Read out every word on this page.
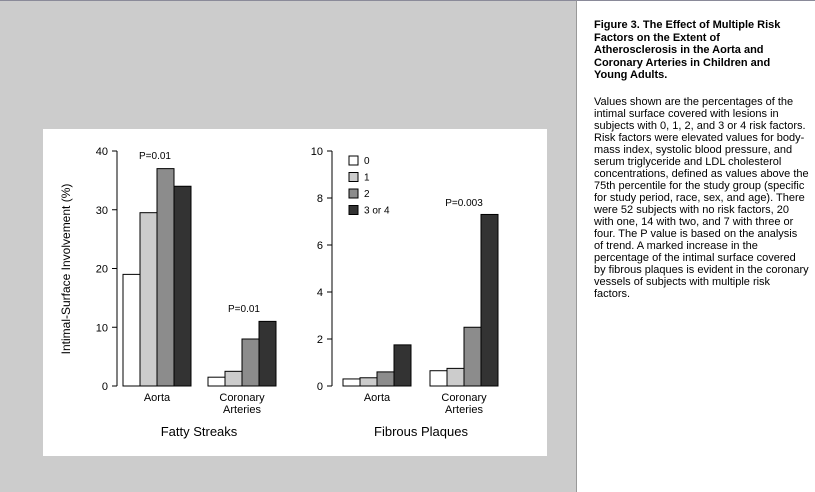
0
10
20
30
40
Aorta	Coronary Arteries
Fatty Streaks
P=0.01
P=0.01
0
2
4
6
8
10
Aorta	Coronary Arteries
Fibrous Plaques
P=0.003
Intimal-Surface Involvement (%)
0
1
2
3 or 4
Figure 3. The Effect of Multiple Risk Factors on the Extent of Atherosclerosis in the Aorta and Coronary Arteries in Children and Young Adults.
Values shown are the percentages of the intimal surface covered with lesions in subjects with 0, 1, 2, and 3 or 4 risk factors. Risk factors were elevated values for body-mass index, systolic blood pressure, and serum triglyceride and LDL cholesterol concentrations, defined as values above the 75th percentile for the study group (specific for study period, race, sex, and age). There were 52 subjects with no risk factors, 20 with one, 14 with two, and 7 with three or four. The P value is based on the analysis of trend. A marked increase in the percentage of the intimal surface covered by fibrous plaques is evident in the coronary vessels of subjects with multiple risk factors.
